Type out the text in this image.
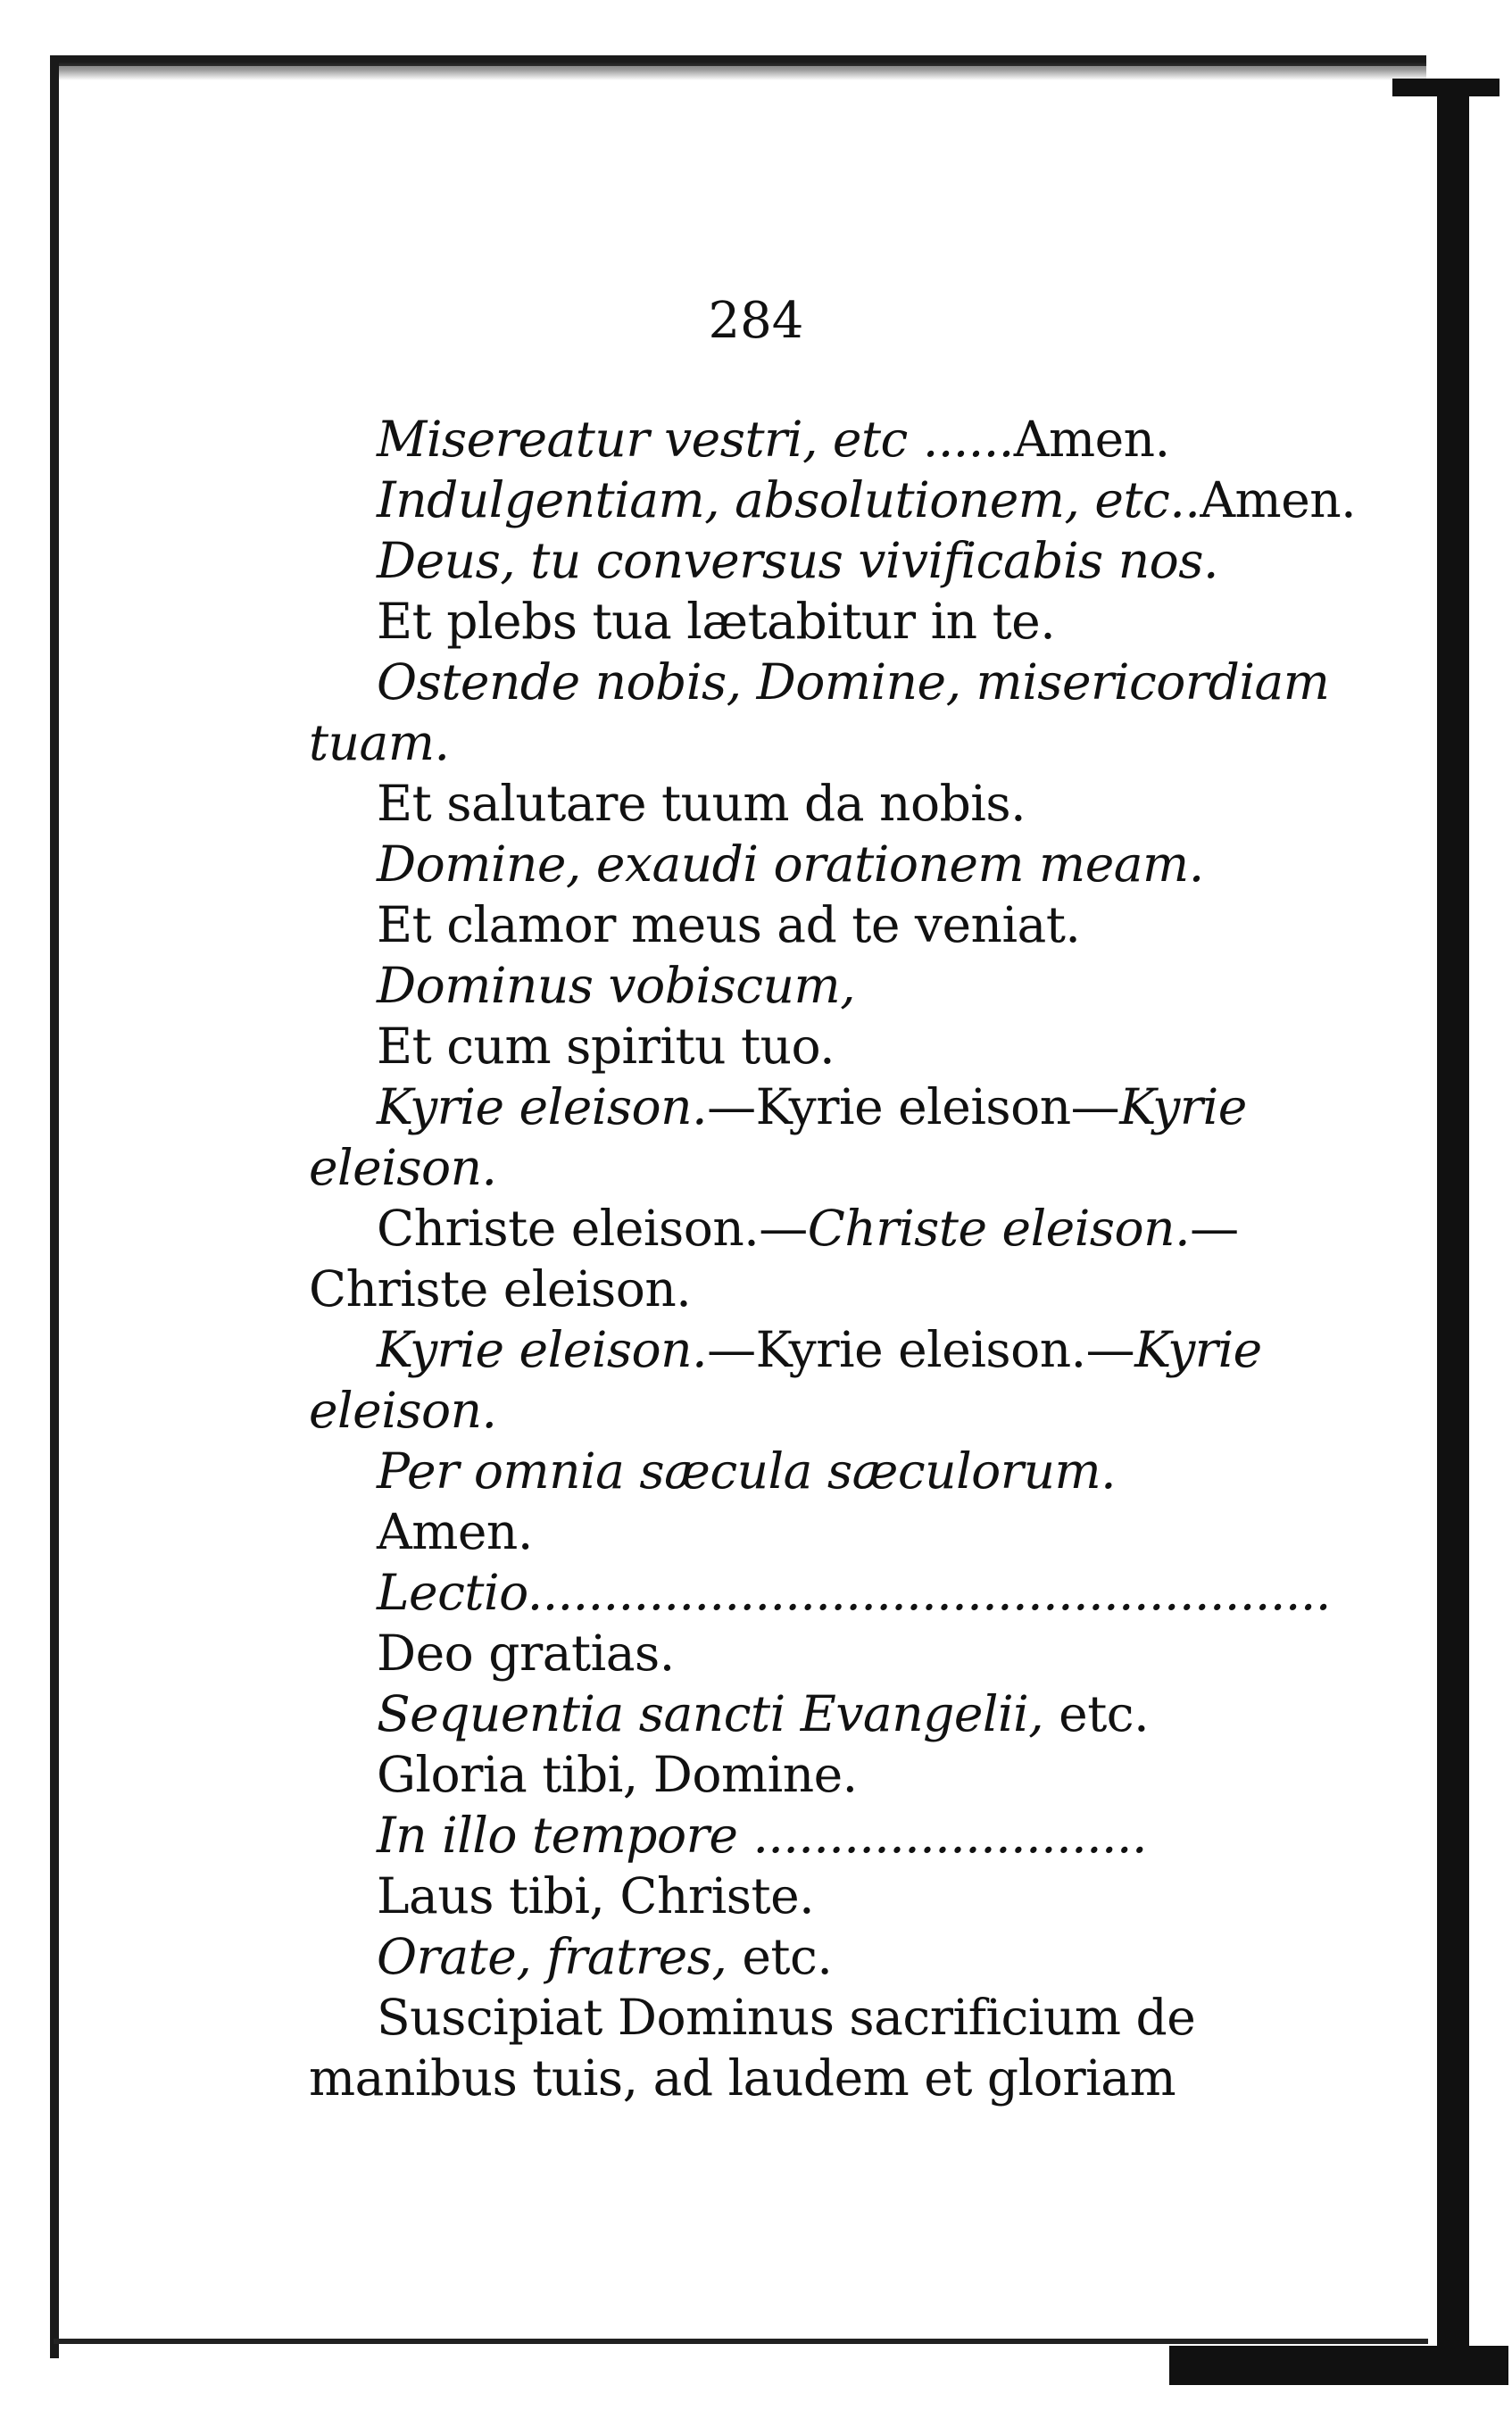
284
Misereatur vestri, etc ......Amen.
Indulgentiam, absolutionem, etc..Amen.
Deus, tu conversus vivificabis nos.
Et plebs tua lætabitur in te.
Ostende nobis, Domine, misericordiam
tuam.
Et salutare tuum da nobis.
Domine, exaudi orationem meam.
Et clamor meus ad te veniat.
Dominus vobiscum,
Et cum spiritu tuo.
Kyrie eleison.—Kyrie eleison—Kyrie
eleison.
Christe eleison.—Christe eleison.—
Christe eleison.
Kyrie eleison.—Kyrie eleison.—Kyrie
eleison.
Per omnia sæcula sæculorum.
Amen.
Lectio.....................................................
Deo gratias.
Sequentia sancti Evangelii, etc.
Gloria tibi, Domine.
In illo tempore ..........................
Laus tibi, Christe.
Orate, fratres, etc.
Suscipiat Dominus sacrificium de
manibus tuis, ad laudem et gloriam
